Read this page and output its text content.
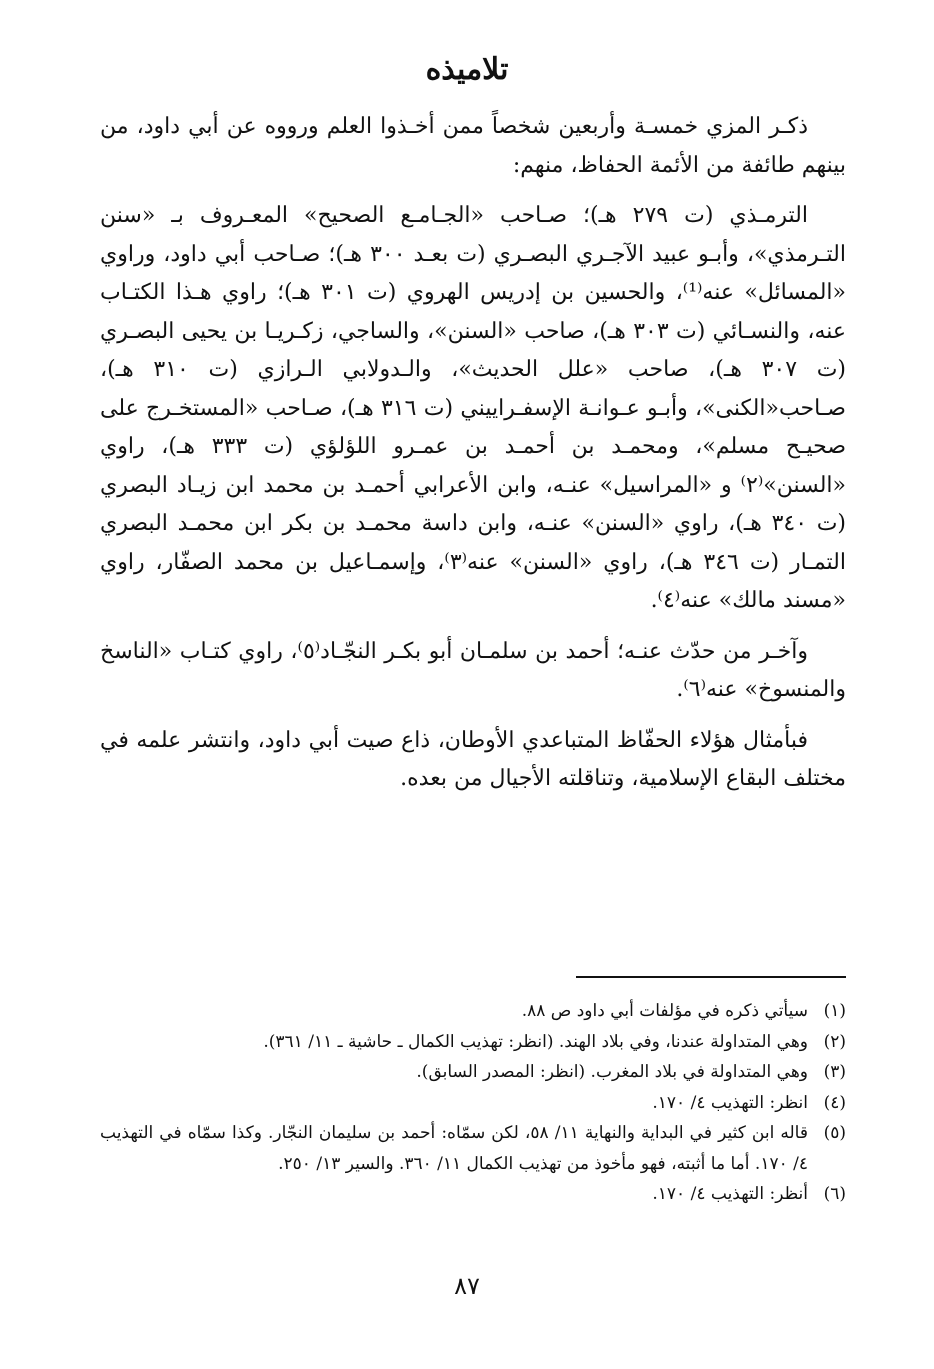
تلاميذه

ذكـر المزي خمسـة وأربعين شخصاً ممن أخـذوا العلم ورووه عن أبي داود، من بينهم طائفة من الأئمة الحفاظ، منهم:

الترمـذي (ت ٢٧٩ هـ)؛ صـاحب «الجـامـع الصحيح» المعـروف بـ «سنن التـرمذي»، وأبـو عبيد الآجـري البصـري (ت بعـد ٣٠٠ هـ)؛ صـاحب أبي داود، وراوي «المسائل» عنه⁽¹⁾، والحسين بن إدريس الهروي (ت ٣٠١ هـ)؛ راوي هـذا الكتـاب عنه، والنسـائي (ت ٣٠٣ هـ)، صاحب «السنن»، والساجي، زكـريـا بن يحيى البصـري (ت ٣٠٧ هـ)، صاحب «علل الحديث»، والـدولابي الـرازي (ت ٣١٠ هـ)، صـاحب«الكنى»، وأبـو عـوانـة الإسفـراييني (ت ٣١٦ هـ)، صـاحب «المستخـرج على صحيـح مسلم»، ومحمـد بن أحمـد بن عمـرو اللؤلؤي (ت ٣٣٣ هـ)، راوي «السنن»⁽٢⁾ و «المراسيل» عنـه، وابن الأعرابي أحمـد بن محمد ابن زيـاد البصري (ت ٣٤٠ هـ)، راوي «السنن» عنـه، وابن داسة محمـد بن بكر ابن محمـد البصري التمـار (ت ٣٤٦ هـ)، راوي «السنن» عنه⁽٣⁾، وإسمـاعيل بن محمد الصفّار، راوي «مسند مالك» عنه⁽٤⁾.

وآخـر من حدّث عنـه؛ أحمد بن سلمـان أبو بكـر النجّـاد⁽٥⁾، راوي كتـاب «الناسخ والمنسوخ» عنه⁽٦⁾.

فبأمثال هؤلاء الحفّاظ المتباعدي الأوطان، ذاع صيت أبي داود، وانتشر علمه في مختلف البقاع الإسلامية، وتناقلته الأجيال من بعده.

(١)
سيأتي ذكره في مؤلفات أبي داود ص ٨٨.
(٢)
وهي المتداولة عندنا، وفي بلاد الهند. (انظر: تهذيب الكمال ـ حاشية ـ ١١/ ٣٦١).
(٣)
وهي المتداولة في بلاد المغرب. (انظر: المصدر السابق).
(٤)
انظر: التهذيب ٤/ ١٧٠.
(٥)
قاله ابن كثير في البداية والنهاية ١١/ ٥٨، لكن سمّاه: أحمد بن سليمان النجّار. وكذا سمّاه في التهذيب ٤/ ١٧٠. أما ما أثبته، فهو مأخوذ من تهذيب الكمال ١١/ ٣٦٠. والسير ١٣/ ٢٥٠.
(٦)
أنظر: التهذيب ٤/ ١٧٠.
٨٧
